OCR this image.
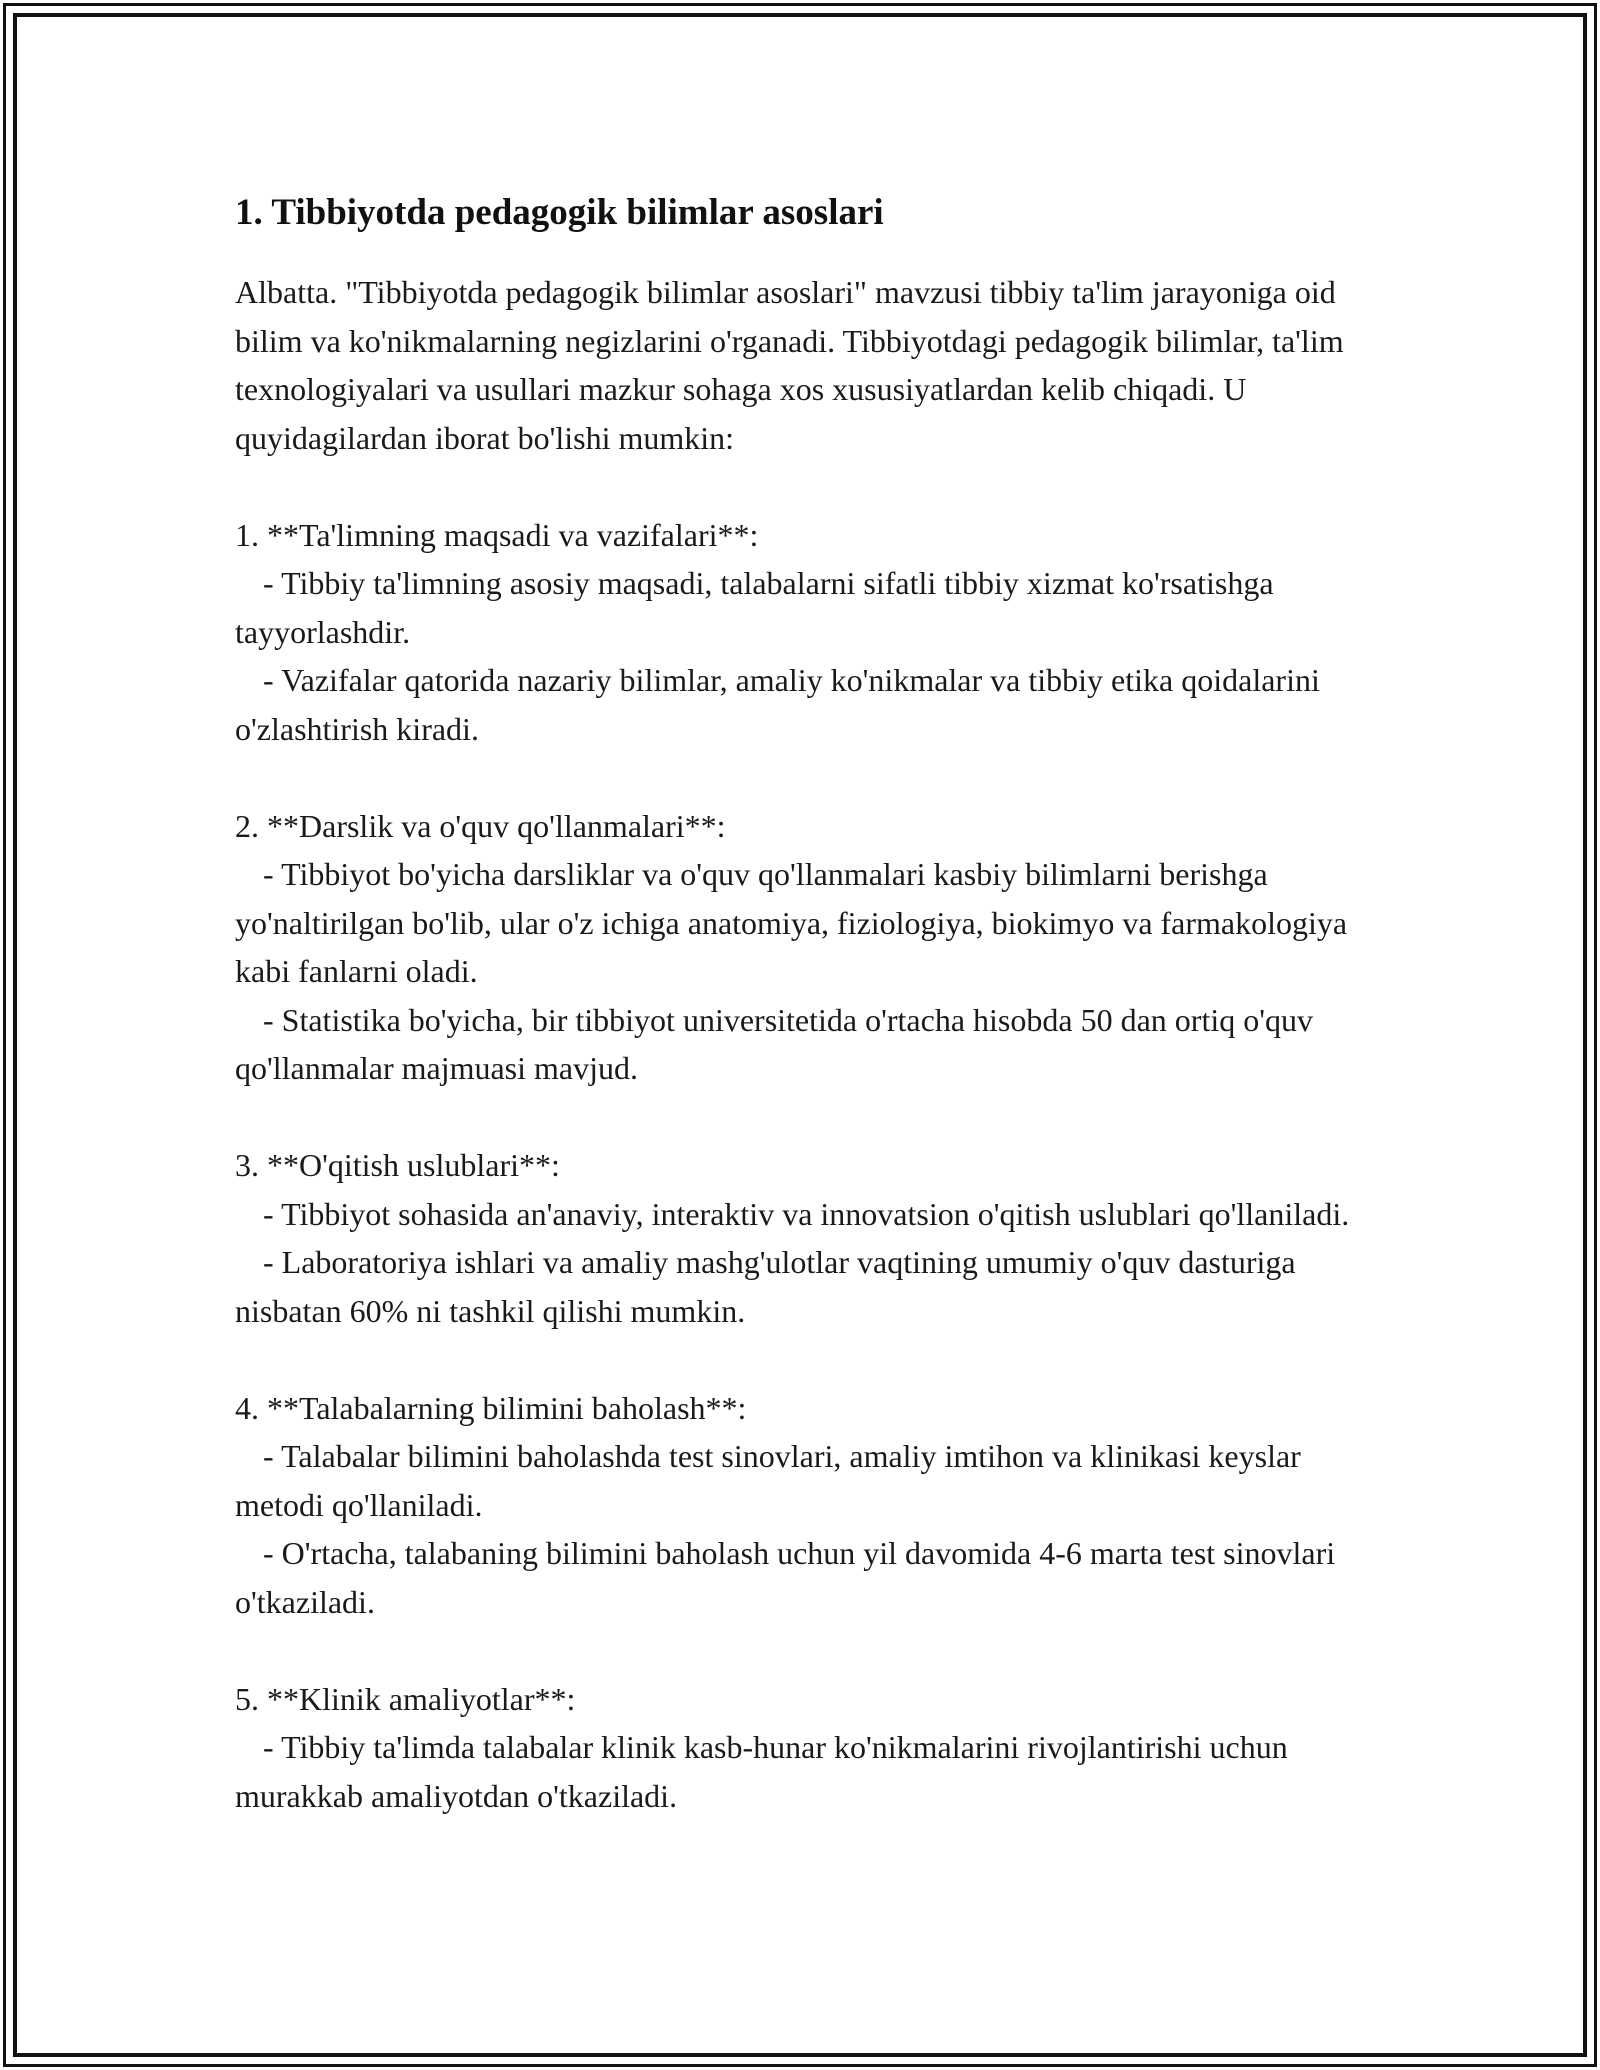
1. Tibbiyotda pedagogik bilimlar asoslari

Albatta. "Tibbiyotda pedagogik bilimlar asoslari" mavzusi tibbiy ta'lim jarayoniga oid bilim va ko'nikmalarning negizlarini o'rganadi. Tibbiyotdagi pedagogik bilimlar, ta'lim texnologiyalari va usullari mazkur sohaga xos xususiyatlardan kelib chiqadi. U quyidagilardan iborat bo'lishi mumkin:

1. **Ta'limning maqsadi va vazifalari**:

- Tibbiy ta'limning asosiy maqsadi, talabalarni sifatli tibbiy xizmat ko'rsatishga tayyorlashdir.

- Vazifalar qatorida nazariy bilimlar, amaliy ko'nikmalar va tibbiy etika qoidalarini o'zlashtirish kiradi.

2. **Darslik va o'quv qo'llanmalari**:

- Tibbiyot bo'yicha darsliklar va o'quv qo'llanmalari kasbiy bilimlarni berishga yo'naltirilgan bo'lib, ular o'z ichiga anatomiya, fiziologiya, biokimyo va farmakologiya kabi fanlarni oladi.

- Statistika bo'yicha, bir tibbiyot universitetida o'rtacha hisobda 50 dan ortiq o'quv qo'llanmalar majmuasi mavjud.

3. **O'qitish uslublari**:

- Tibbiyot sohasida an'anaviy, interaktiv va innovatsion o'qitish uslublari qo'llaniladi.

- Laboratoriya ishlari va amaliy mashg'ulotlar vaqtining umumiy o'quv dasturiga nisbatan 60% ni tashkil qilishi mumkin.

4. **Talabalarning bilimini baholash**:

- Talabalar bilimini baholashda test sinovlari, amaliy imtihon va klinikasi keyslar metodi qo'llaniladi.

- O'rtacha, talabaning bilimini baholash uchun yil davomida 4-6 marta test sinovlari o'tkaziladi.

5. **Klinik amaliyotlar**:

- Tibbiy ta'limda talabalar klinik kasb-hunar ko'nikmalarini rivojlantirishi uchun murakkab amaliyotdan o'tkaziladi.
